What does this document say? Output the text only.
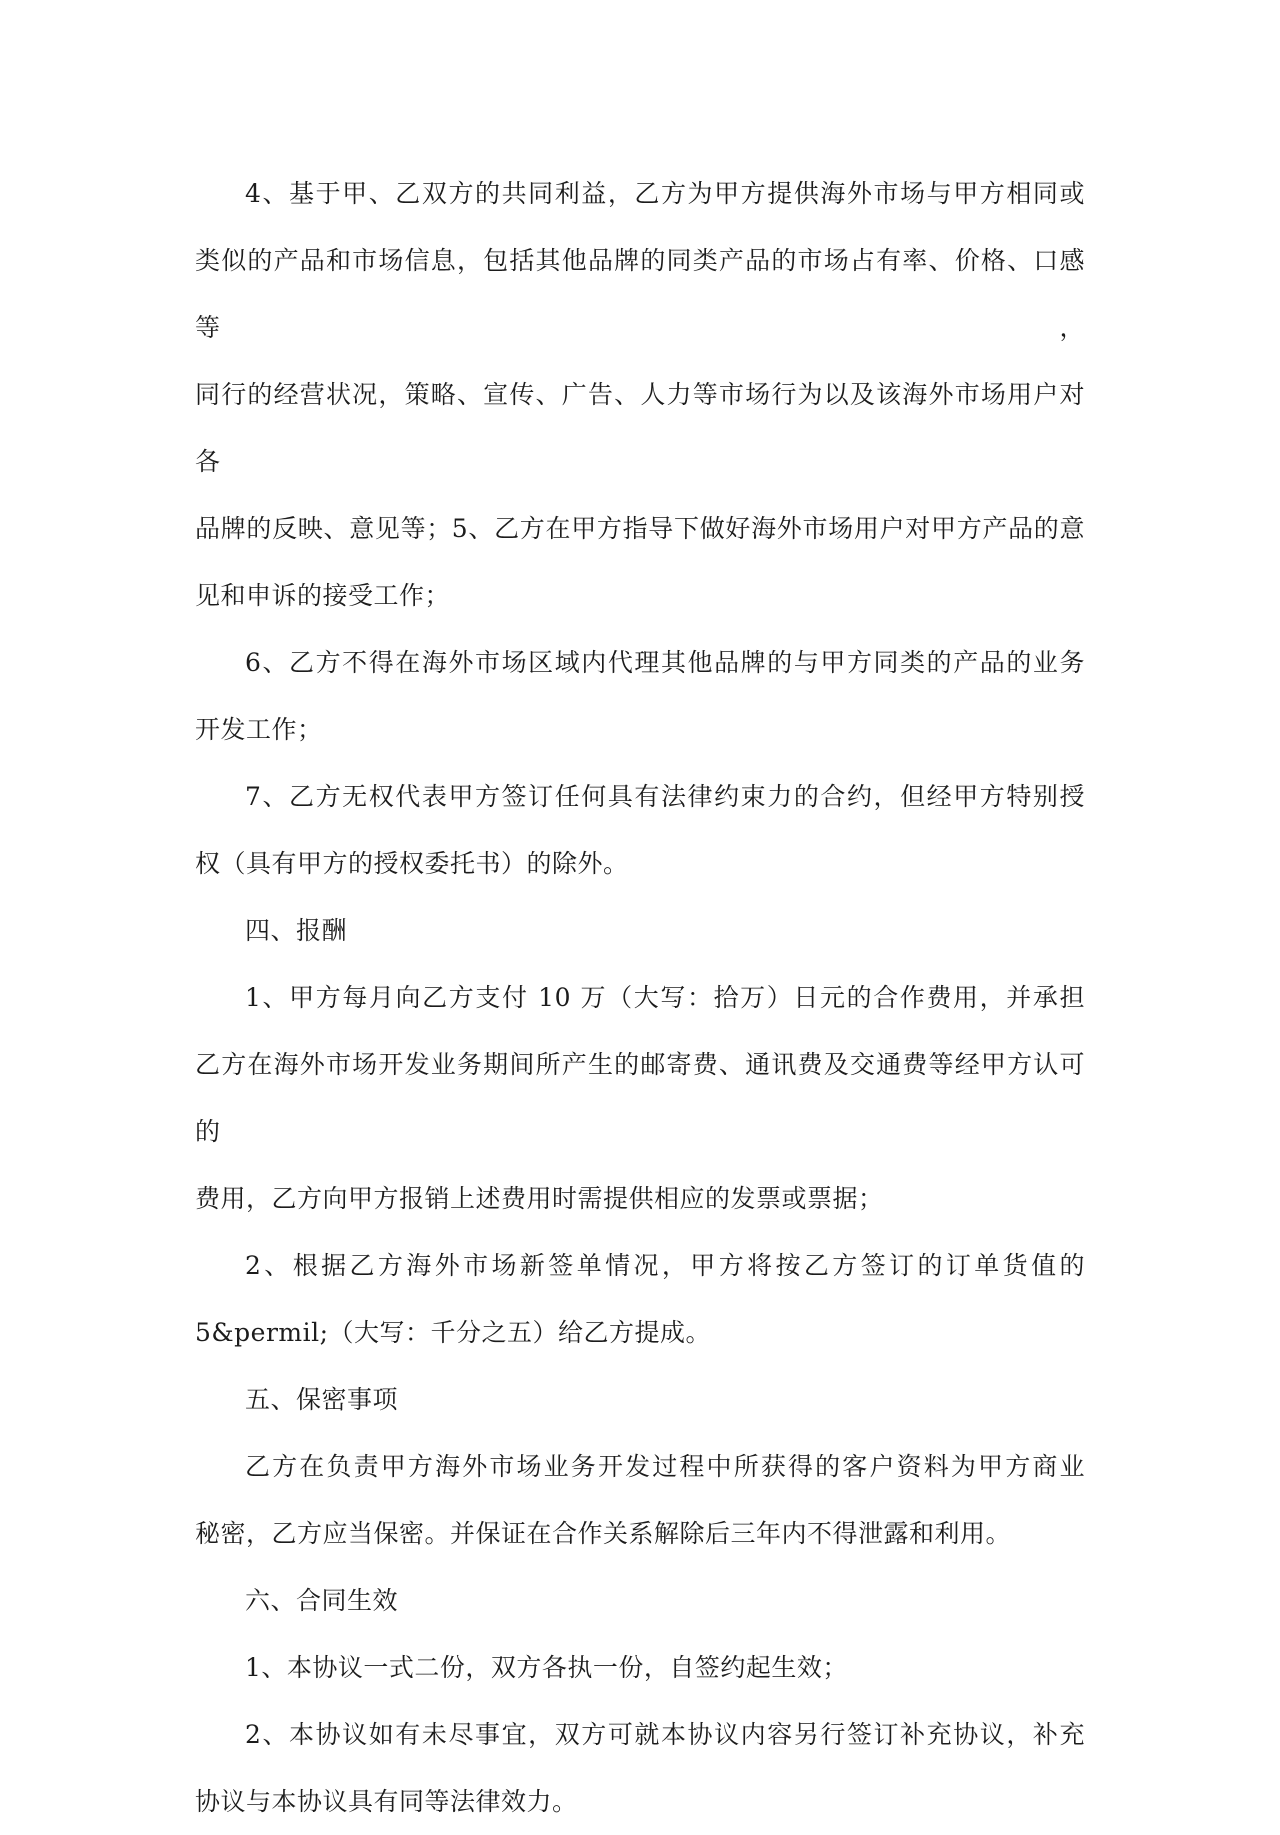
4、基于甲、乙双方的共同利益，乙方为甲方提供海外市场与甲方相同或
类似的产品和市场信息，包括其他品牌的同类产品的市场占有率、价格、口感等，
同行的经营状况，策略、宣传、广告、人力等市场行为以及该海外市场用户对各
品牌的反映、意见等；5、乙方在甲方指导下做好海外市场用户对甲方产品的意
见和申诉的接受工作；
6、乙方不得在海外市场区域内代理其他品牌的与甲方同类的产品的业务
开发工作；
7、乙方无权代表甲方签订任何具有法律约束力的合约，但经甲方特别授
权（具有甲方的授权委托书）的除外。
四、报酬
1、甲方每月向乙方支付 10 万（大写：拾万）日元的合作费用，并承担
乙方在海外市场开发业务期间所产生的邮寄费、通讯费及交通费等经甲方认可的
费用，乙方向甲方报销上述费用时需提供相应的发票或票据；
2、根据乙方海外市场新签单情况，甲方将按乙方签订的订单货值的
5&permil;（大写：千分之五）给乙方提成。
五、保密事项
乙方在负责甲方海外市场业务开发过程中所获得的客户资料为甲方商业
秘密，乙方应当保密。并保证在合作关系解除后三年内不得泄露和利用。
六、合同生效
1、本协议一式二份，双方各执一份，自签约起生效；
2、本协议如有未尽事宜，双方可就本协议内容另行签订补充协议，补充
协议与本协议具有同等法律效力。
